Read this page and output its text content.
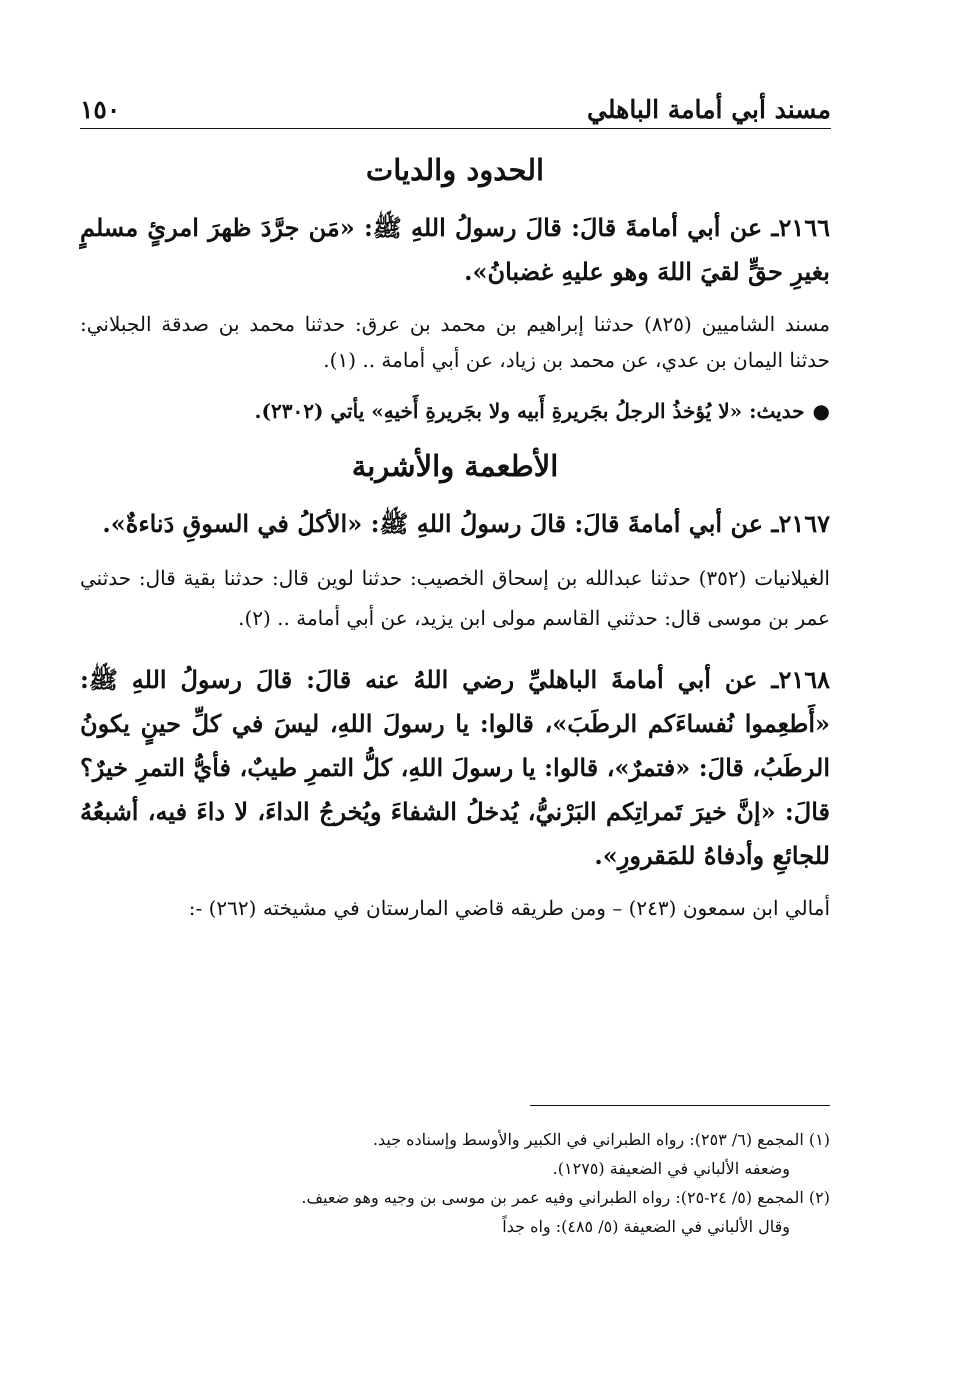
مسند أبي أمامة الباهلي
١٥٠
الحدود والديات

٢١٦٦ـ عن أبي أمامةَ قالَ: قالَ رسولُ اللهِ ﷺ: «مَن جرَّدَ ظهرَ امرئٍ مسلمٍ بغيرِ حقٍّ لقيَ اللهَ وهو عليهِ غضبانُ».

مسند الشاميين (٨٢٥) حدثنا إبراهيم بن محمد بن عرق: حدثنا محمد بن صدقة الجبلاني: حدثنا اليمان بن عدي، عن محمد بن زياد، عن أبي أمامة .. (١).

●حديث: «لا يُؤخذُ الرجلُ بجَريرةِ أَبيه ولا بجَريرةِ أَخيهِ» يأتي (٢٣٠٢).

الأطعمة والأشربة

٢١٦٧ـ عن أبي أمامةَ قالَ: قالَ رسولُ اللهِ ﷺ: «الأكلُ في السوقِ دَناءةٌ».

الغيلانيات (٣٥٢) حدثنا عبدالله بن إسحاق الخصيب: حدثنا لوين قال: حدثنا بقية قال: حدثني عمر بن موسى قال: حدثني القاسم مولى ابن يزيد، عن أبي أمامة .. (٢).

٢١٦٨ـ عن أبي أمامةَ الباهليِّ رضي اللهُ عنه قالَ: قالَ رسولُ اللهِ ﷺ: «أَطعِموا نُفساءَكم الرطَبَ»، قالوا: يا رسولَ اللهِ، ليسَ في كلِّ حينٍ يكونُ الرطَبُ، قالَ: «فتمرٌ»، قالوا: يا رسولَ اللهِ، كلُّ التمرِ طيبٌ، فأيُّ التمرِ خيرٌ؟ قالَ: «إنَّ خيرَ تَمراتِكم البَرْنيُّ، يُدخلُ الشفاءَ ويُخرجُ الداءَ، لا داءَ فيه، أشبعُهُ للجائعِ وأدفاهُ للمَقرورِ».

أمالي ابن سمعون (٢٤٣) – ومن طريقه قاضي المارستان في مشيخته (٢٦٢) -:

(١) المجمع (٦/ ٢٥٣): رواه الطبراني في الكبير والأوسط وإسناده جيد.

وضعفه الألباني في الضعيفة (١٢٧٥).

(٢) المجمع (٥/ ٢٤-٢٥): رواه الطبراني وفيه عمر بن موسى بن وجيه وهو ضعيف.

وقال الألباني في الضعيفة (٥/ ٤٨٥): واه جداً
